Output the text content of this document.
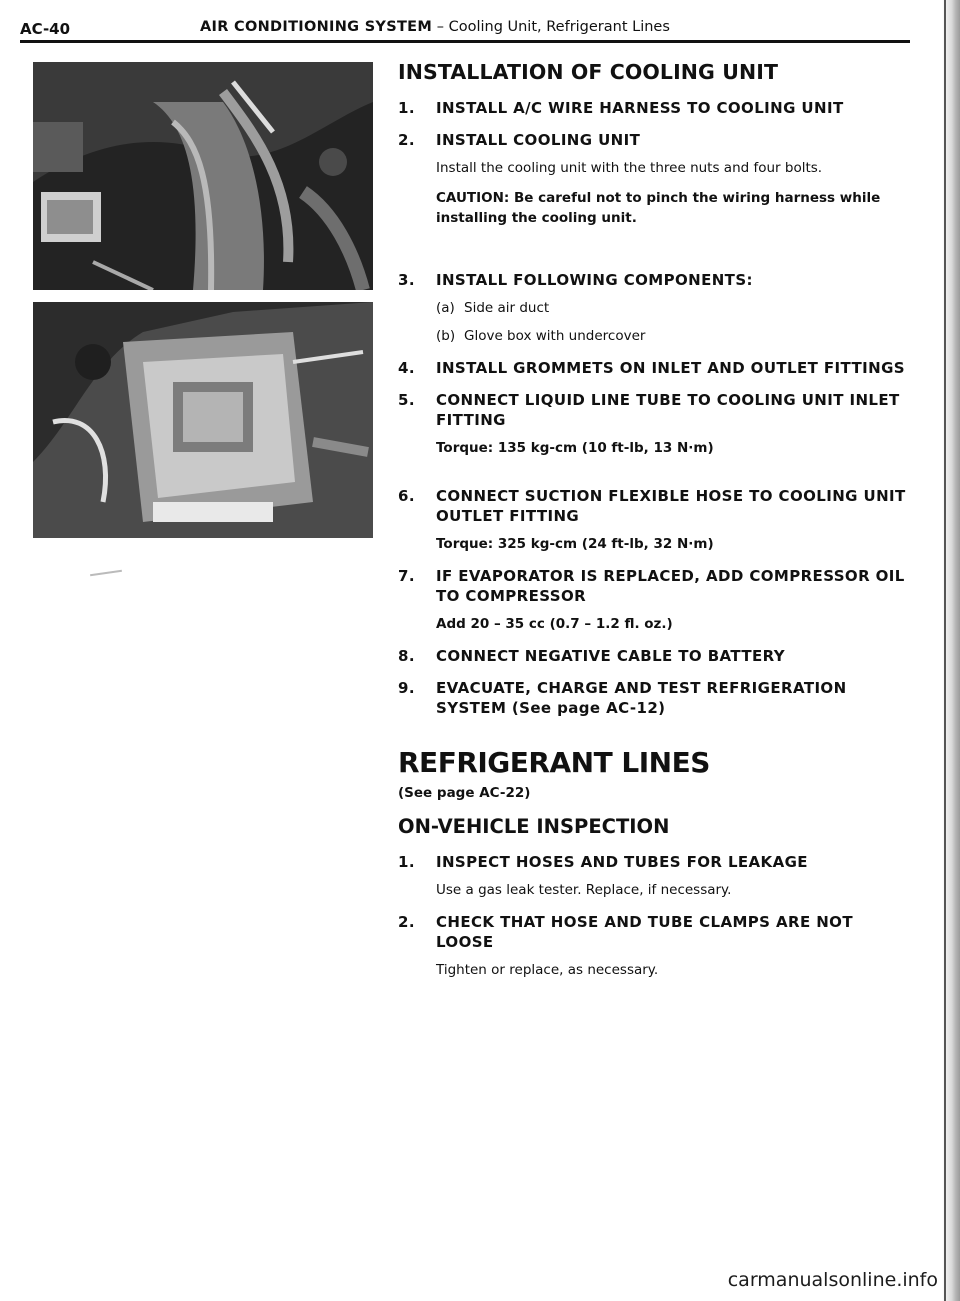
AC-40	AIR CONDITIONING SYSTEM – Cooling Unit, Refrigerant Lines
INSTALLATION OF COOLING UNIT
1.	INSTALL A/C WIRE HARNESS TO COOLING UNIT
2.	INSTALL COOLING UNIT
Install the cooling unit with the three nuts and four bolts.
CAUTION: Be careful not to pinch the wiring harness while installing the cooling unit.
3.	INSTALL FOLLOWING COMPONENTS:
(a) Side air duct
(b) Glove box with undercover
4.	INSTALL GROMMETS ON INLET AND OUTLET FITTINGS
5.	CONNECT LIQUID LINE TUBE TO COOLING UNIT INLET FITTING
Torque: 135 kg-cm (10 ft-lb, 13 N·m)
6.	CONNECT SUCTION FLEXIBLE HOSE TO COOLING UNIT OUTLET FITTING
Torque: 325 kg-cm (24 ft-lb, 32 N·m)
7.	IF EVAPORATOR IS REPLACED, ADD COMPRESSOR OIL TO COMPRESSOR
Add 20 – 35 cc (0.7 – 1.2 fl. oz.)
8.	CONNECT NEGATIVE CABLE TO BATTERY
9.	EVACUATE, CHARGE AND TEST REFRIGERATION SYSTEM (See page AC-12)
REFRIGERANT LINES
(See page AC-22)
ON-VEHICLE INSPECTION
1.	INSPECT HOSES AND TUBES FOR LEAKAGE
Use a gas leak tester. Replace, if necessary.
2.	CHECK THAT HOSE AND TUBE CLAMPS ARE NOT LOOSE
Tighten or replace, as necessary.
carmanualsonline.info
